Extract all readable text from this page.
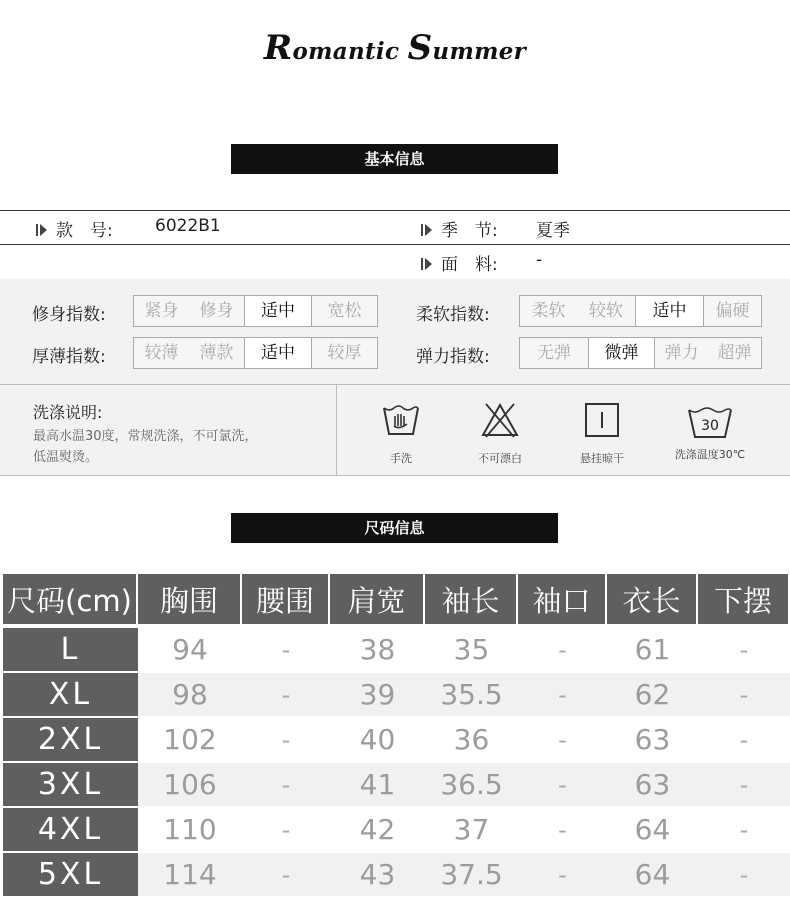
Romantic Summer
基本信息
款　号: 6022B1	季　节: 夏季
面　料: -
修身指数:	紧身	修身	适中	宽松	柔软指数:	柔软	较软	适中	偏硬
厚薄指数:	较薄	薄款	适中	较厚	弹力指数:	无弹	微弹	弹力	超弹
洗涤说明:
最高水温30度，常规洗涤，不可氯洗，
低温熨烫。	手洗	不可漂白	悬挂晾干
30
洗涤温度30℃
尺码信息
尺码(cm)	胸围	腰围	肩宽	袖长	袖口	衣长	下摆
L	94	-	38	35	-	61	-
XL	98	-	39	35.5	-	62	-
2XL	102	-	40	36	-	63	-
3XL	106	-	41	36.5	-	63	-
4XL	110	-	42	37	-	64	-
5XL	114	-	43	37.5	-	64	-
